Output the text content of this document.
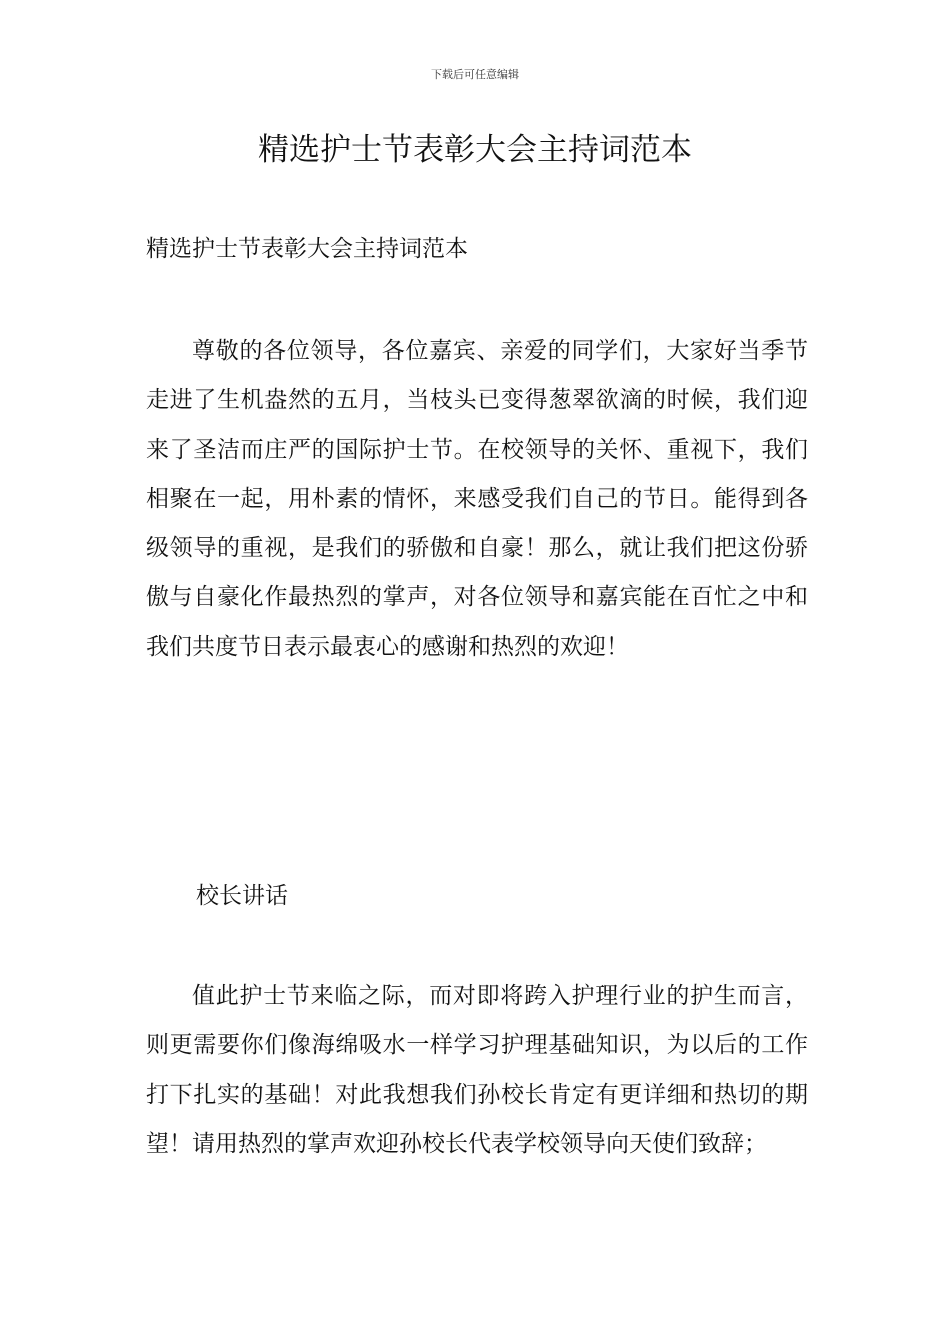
下载后可任意编辑
精选护士节表彰大会主持词范本
精选护士节表彰大会主持词范本

尊敬的各位领导，各位嘉宾、亲爱的同学们，大家好当季节走进了生机盎然的五月，当枝头已变得葱翠欲滴的时候，我们迎来了圣洁而庄严的国际护士节。在校领导的关怀、重视下，我们相聚在一起，用朴素的情怀，来感受我们自己的节日。能得到各级领导的重视，是我们的骄傲和自豪！那么，就让我们把这份骄傲与自豪化作最热烈的掌声，对各位领导和嘉宾能在百忙之中和我们共度节日表示最衷心的感谢和热烈的欢迎！

校长讲话

值此护士节来临之际，而对即将跨入护理行业的护生而言，则更需要你们像海绵吸水一样学习护理基础知识，为以后的工作打下扎实的基础！对此我想我们孙校长肯定有更详细和热切的期望！请用热烈的掌声欢迎孙校长代表学校领导向天使们致辞；
